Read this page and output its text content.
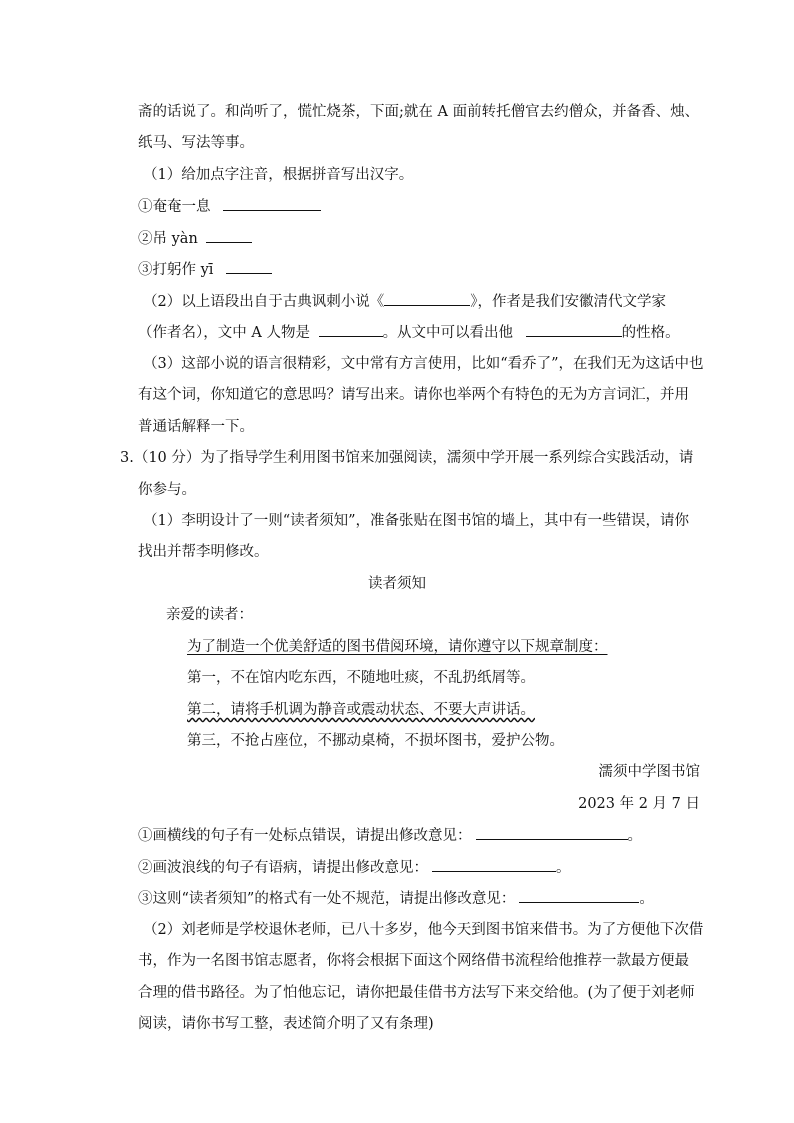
斋的话说了。和尚听了，慌忙烧茶，下面;就在 A 面前转托僧官去约僧众，并备香、烛、
纸马、写法等事。
（1）给加点字注音，根据拼音写出汉字。
①奄奄一息
②吊 yàn
③打躬作 yī
（2）以上语段出自于古典讽刺小说《	》，作者是我们安徽清代文学家
（作者名），文中 A 人物是	。从文中可以看出他	的性格。
（3）这部小说的语言很精彩，文中常有方言使用，比如“看乔了”，在我们无为这话中也
有这个词，你知道它的意思吗？请写出来。请你也举两个有特色的无为方言词汇，并用
普通话解释一下。
3.（10 分）为了指导学生利用图书馆来加强阅读，濡须中学开展一系列综合实践活动，请
你参与。
（1）李明设计了一则“读者须知”，准备张贴在图书馆的墙上，其中有一些错误，请你
找出并帮李明修改。
读者须知
亲爱的读者：
为了制造一个优美舒适的图书借阅环境，请你遵守以下规章制度：
第一，不在馆内吃东西，不随地吐痰，不乱扔纸屑等。
第二，请将手机调为静音或震动状态、不要大声讲话。
第三，不抢占座位，不挪动桌椅，不损坏图书，爱护公物。
濡须中学图书馆
2023 年 2 月 7 日
①画横线的句子有一处标点错误，请提出修改意见：	。
②画波浪线的句子有语病，请提出修改意见：	。
③这则“读者须知”的格式有一处不规范，请提出修改意见：	。
（2）刘老师是学校退休老师，已八十多岁，他今天到图书馆来借书。为了方便他下次借
书，作为一名图书馆志愿者，你将会根据下面这个网络借书流程给他推荐一款最方便最
合理的借书路径。为了怕他忘记，请你把最佳借书方法写下来交给他。(为了便于刘老师
阅读，请你书写工整，表述简介明了又有条理)
